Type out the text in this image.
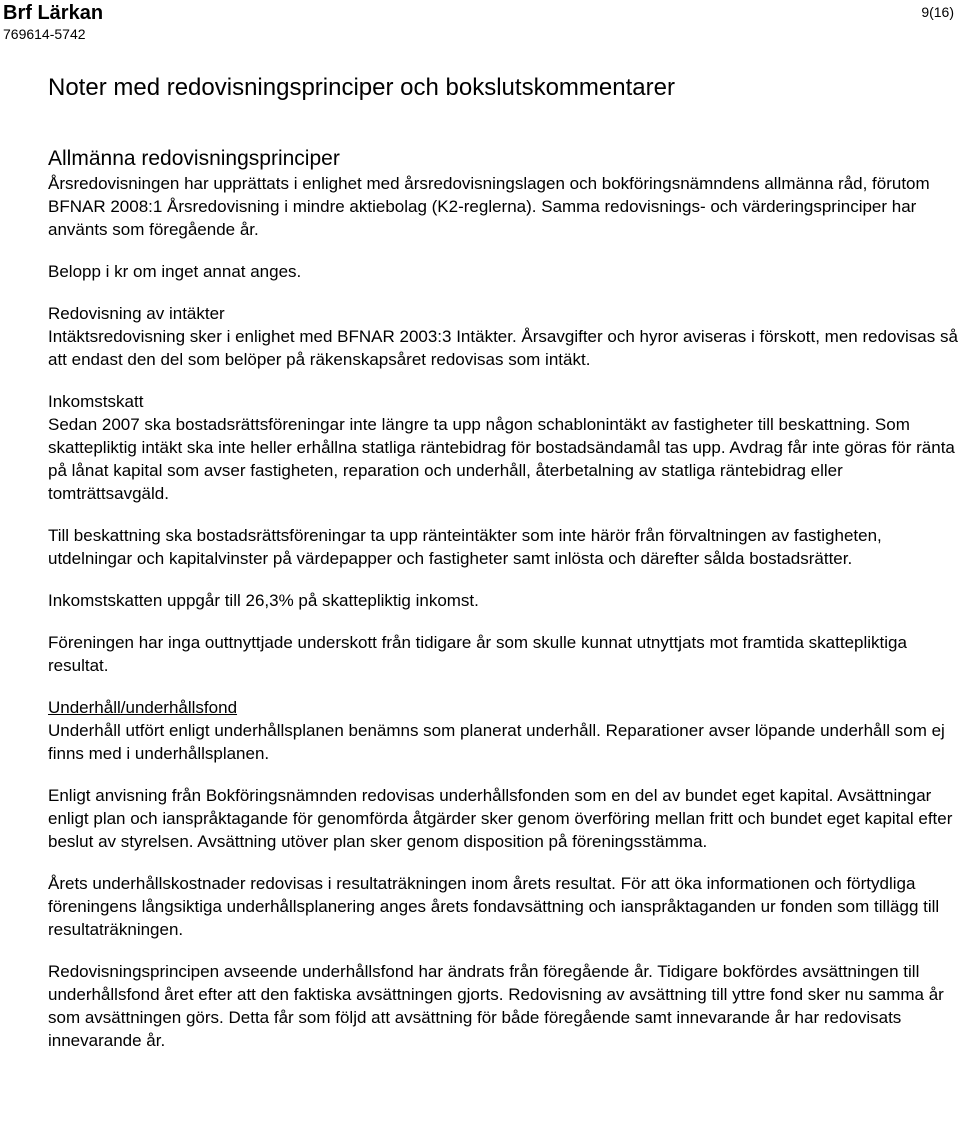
Brf Lärkan
769614-5742
9(16)
Noter med redovisningsprinciper och bokslutskommentarer
Allmänna redovisningsprinciper

Årsredovisningen har upprättats i enlighet med årsredovisningslagen och bokföringsnämndens allmänna råd, förutom BFNAR 2008:1 Årsredovisning i mindre aktiebolag (K2-reglerna). Samma redovisnings- och värderingsprinciper har använts som föregående år.

Belopp i kr om inget annat anges.

Redovisning av intäkter

Intäktsredovisning sker i enlighet med BFNAR 2003:3 Intäkter. Årsavgifter och hyror aviseras i förskott, men redovisas så att endast den del som belöper på räkenskapsåret redovisas som intäkt.

Inkomstskatt

Sedan 2007 ska bostadsrättsföreningar inte längre ta upp någon schablonintäkt av fastigheter till beskattning. Som skattepliktig intäkt ska inte heller erhållna statliga räntebidrag för bostadsändamål tas upp. Avdrag får inte göras för ränta på lånat kapital som avser fastigheten, reparation och underhåll, återbetalning av statliga räntebidrag eller tomträttsavgäld.

Till beskattning ska bostadsrättsföreningar ta upp ränteintäkter som inte härör från förvaltningen av fastigheten, utdelningar och kapitalvinster på värdepapper och fastigheter samt inlösta och därefter sålda bostadsrätter.

Inkomstskatten uppgår till 26,3% på skattepliktig inkomst.

Föreningen har inga outtnyttjade underskott från tidigare år som skulle kunnat utnyttjats mot framtida skattepliktiga resultat.

Underhåll/underhållsfond

Underhåll utfört enligt underhållsplanen benämns som planerat underhåll. Reparationer avser löpande underhåll som ej finns med i underhållsplanen.

Enligt anvisning från Bokföringsnämnden redovisas underhållsfonden som en del av bundet eget kapital. Avsättningar enligt plan och ianspråktagande för genomförda åtgärder sker genom överföring mellan fritt och bundet eget kapital efter beslut av styrelsen. Avsättning utöver plan sker genom disposition på föreningsstämma.

Årets underhållskostnader redovisas i resultaträkningen inom årets resultat. För att öka informationen och förtydliga föreningens långsiktiga underhållsplanering anges årets fondavsättning och ianspråktaganden ur fonden som tillägg till resultaträkningen.

Redovisningsprincipen avseende underhållsfond har ändrats från föregående år. Tidigare bokfördes avsättningen till underhållsfond året efter att den faktiska avsättningen gjorts. Redovisning av avsättning till yttre fond sker nu samma år som avsättningen görs. Detta får som följd att avsättning för både föregående samt innevarande år har redovisats innevarande år.
